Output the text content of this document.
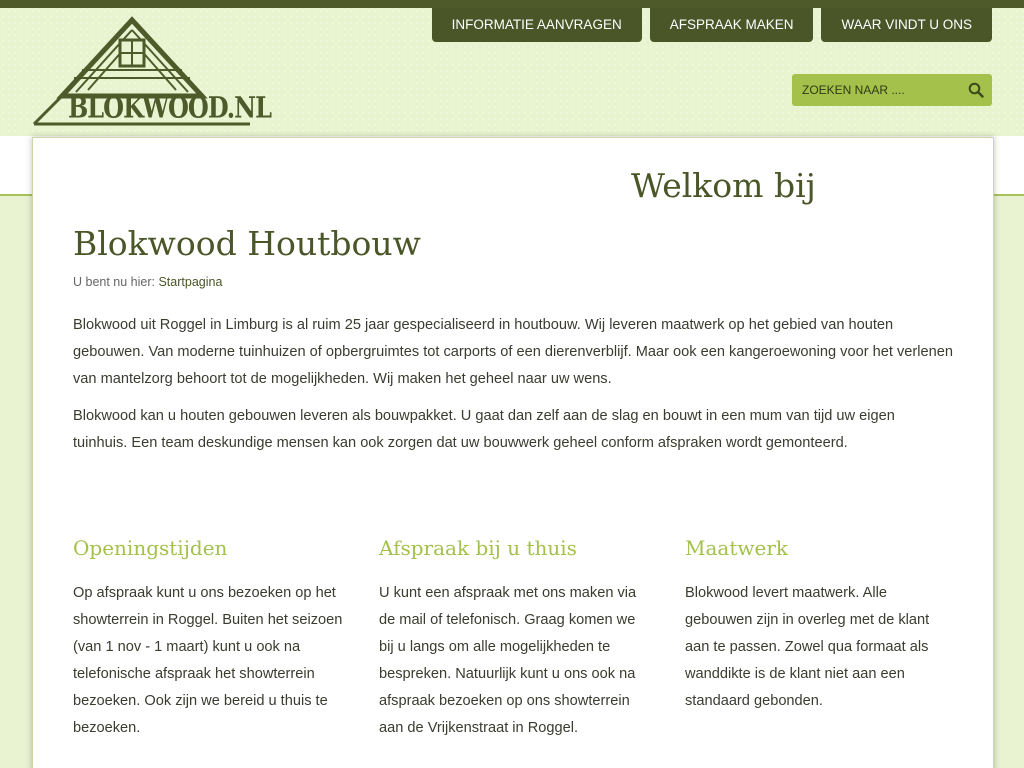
BLOKWOOD.NL
INFORMATIE AANVRAGEN	AFSPRAAK MAKEN	WAAR VINDT U ONS
ZOEKEN NAAR ....
Welkom bij
Blokwood Houtbouw
U bent nu hier: Startpagina

Blokwood uit Roggel in Limburg is al ruim 25 jaar gespecialiseerd in houtbouw. Wij leveren maatwerk op het gebied van houten gebouwen. Van moderne tuinhuizen of opbergruimtes tot carports of een dierenverblijf. Maar ook een kangeroewoning voor het verlenen van mantelzorg behoort tot de mogelijkheden. Wij maken het geheel naar uw wens.

Blokwood kan u houten gebouwen leveren als bouwpakket. U gaat dan zelf aan de slag en bouwt in een mum van tijd uw eigen tuinhuis. Een team deskundige mensen kan ook zorgen dat uw bouwwerk geheel conform afspraken wordt gemonteerd.

Openingstijden

Op afspraak kunt u ons bezoeken op het showterrein in Roggel. Buiten het seizoen (van 1 nov - 1 maart) kunt u ook na telefonische afspraak het showterrein bezoeken. Ook zijn we bereid u thuis te bezoeken.

Afspraak bij u thuis

U kunt een afspraak met ons maken via de mail of telefonisch. Graag komen we bij u langs om alle mogelijkheden te bespreken. Natuurlijk kunt u ons ook na afspraak bezoeken op ons showterrein aan de Vrijkenstraat in Roggel.

Maatwerk

Blokwood levert maatwerk. Alle gebouwen zijn in overleg met de klant aan te passen. Zowel qua formaat als wanddikte is de klant niet aan een standaard gebonden.
